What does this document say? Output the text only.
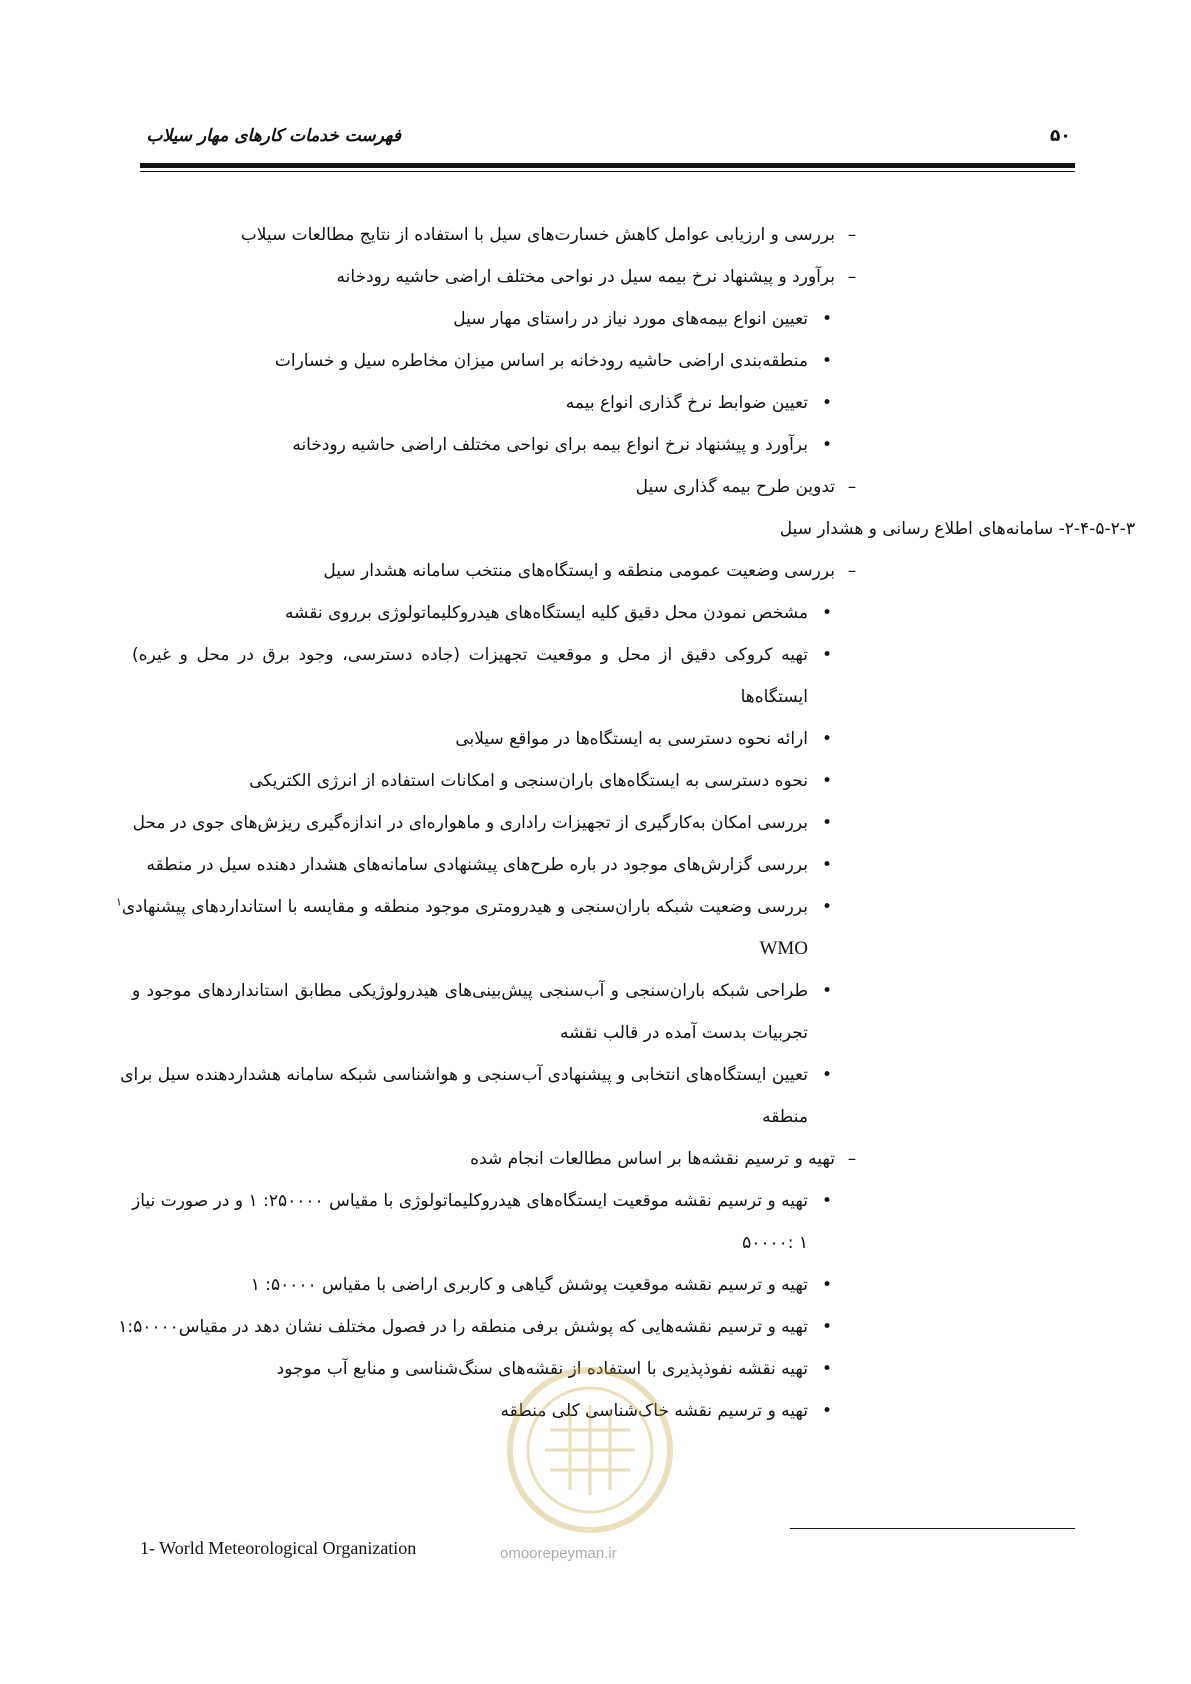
فهرست خدمات کارهای مهار سیلاب	۵۰
–
بررسی و ارزیابی عوامل کاهش خسارت‌های سیل با استفاده از نتایج مطالعات سیلاب
–
برآورد و پیشنهاد نرخ بیمه سیل در نواحی مختلف اراضی حاشیه رودخانه
•
تعیین انواع بیمه‌های مورد نیاز در راستای مهار سیل
•
منطقه‌بندی اراضی حاشیه رودخانه بر اساس میزان مخاطره سیل و خسارات
•
تعیین ضوابط نرخ گذاری انواع بیمه
•
برآورد و پیشنهاد نرخ انواع بیمه برای نواحی مختلف اراضی حاشیه رودخانه
–
تدوین طرح بیمه گذاری سیل
۲-۴-۵-۲-۳- سامانه‌های اطلاع رسانی و هشدار سیل
–
بررسی وضعیت عمومی منطقه و ایستگاه‌های منتخب سامانه هشدار سیل
•
مشخص نمودن محل دقیق کلیه ایستگاه‌های هیدروکلیماتولوژی برروی نقشه
•
تهیه کروکی دقیق از محل و موقعیت تجهیزات (جاده دسترسی، وجود برق در محل و غیره)
ایستگاه‌ها
•
ارائه نحوه دسترسی به ایستگاه‌ها در مواقع سیلابی
•
نحوه دسترسی به ایستگاه‌های باران‌سنجی و امکانات استفاده از انرژی الکتریکی
•
بررسی امکان به‌کارگیری از تجهیزات راداری و ماهواره‌ای در اندازه‌گیری ریزش‌های جوی در محل
•
بررسی گزارش‌های موجود در باره طرح‌های پیشنهادی سامانه‌های هشدار دهنده سیل در منطقه
•
بررسی وضعیت شبکه باران‌سنجی و هیدرومتری موجود منطقه و مقایسه با استانداردهای پیشنهادی$^۱$
WMO
•
طراحی شبکه باران‌سنجی و آب‌سنجی پیش‌بینی‌های هیدرولوژیکی مطابق استانداردهای موجود و
تجربیات بدست آمده در قالب نقشه
•
تعیین ایستگاه‌های انتخابی و پیشنهادی آب‌سنجی و هواشناسی شبکه سامانه هشداردهنده سیل برای
منطقه
–
تهیه و ترسیم نقشه‌ها بر اساس مطالعات انجام شده
•
تهیه و ترسیم نقشه موقعیت ایستگاه‌های هیدروکلیماتولوژی با مقیاس ۲۵۰۰۰۰: ۱ و در صورت نیاز
۱ :۵۰۰۰۰
•
تهیه و ترسیم نقشه موقعیت پوشش گیاهی و کاربری اراضی با مقیاس ۵۰۰۰۰: ۱
•
تهیه و ترسیم نقشه‌هایی که پوشش برفی منطقه را در فصول مختلف نشان دهد در مقیاس۱:۵۰۰۰۰
•
تهیه نقشه نفوذپذیری با استفاده از نقشه‌های سنگ‌شناسی و منابع آب موجود
•
تهیه و ترسیم نقشه خاک‌شناسی کلی منطقه
omoorepeyman.ir
1- World Meteorological Organization
